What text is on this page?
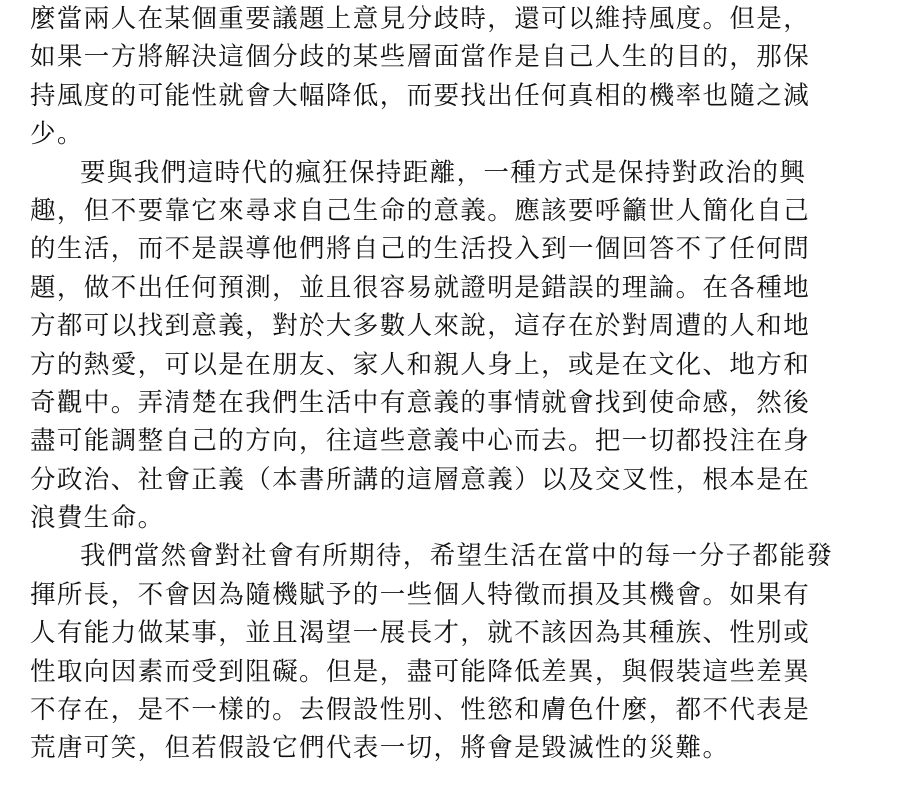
麼當兩人在某個重要議題上意見分歧時，還可以維持風度。但是，
如果一方將解決這個分歧的某些層面當作是自己人生的目的，那保
持風度的可能性就會大幅降低，而要找出任何真相的機率也隨之減
少。
要與我們這時代的瘋狂保持距離，一種方式是保持對政治的興
趣，但不要靠它來尋求自己生命的意義。應該要呼籲世人簡化自己
的生活，而不是誤導他們將自己的生活投入到一個回答不了任何問
題，做不出任何預測，並且很容易就證明是錯誤的理論。在各種地
方都可以找到意義，對於大多數人來說，這存在於對周遭的人和地
方的熱愛，可以是在朋友、家人和親人身上，或是在文化、地方和
奇觀中。弄清楚在我們生活中有意義的事情就會找到使命感，然後
盡可能調整自己的方向，往這些意義中心而去。把一切都投注在身
分政治、社會正義（本書所講的這層意義）以及交叉性，根本是在
浪費生命。
我們當然會對社會有所期待，希望生活在當中的每一分子都能發
揮所長，不會因為隨機賦予的一些個人特徵而損及其機會。如果有
人有能力做某事，並且渴望一展長才，就不該因為其種族、性別或
性取向因素而受到阻礙。但是，盡可能降低差異，與假裝這些差異
不存在，是不一樣的。去假設性別、性慾和膚色什麼，都不代表是
荒唐可笑，但若假設它們代表一切，將會是毀滅性的災難。
